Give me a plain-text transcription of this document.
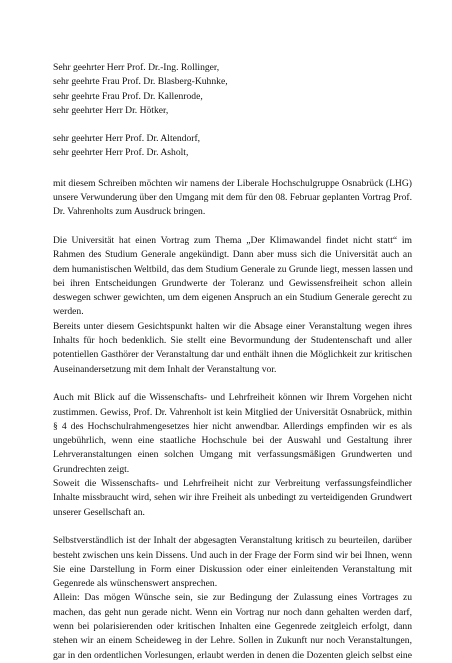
Sehr geehrter Herr Prof. Dr.-Ing. Rollinger,
sehr geehrte Frau Prof. Dr. Blasberg-Kuhnke,
sehr geehrte Frau Prof. Dr. Kallenrode,
sehr geehrter Herr Dr. Hötker,
sehr geehrter Herr Prof. Dr. Altendorf,
sehr geehrter Herr Prof. Dr. Asholt,

mit diesem Schreiben möchten wir namens der Liberale Hochschulgruppe Osnabrück (LHG)
unsere Verwunderung über den Umgang mit dem für den 08. Februar geplanten Vortrag Prof.
Dr. Vahrenholts zum Ausdruck bringen.

Die Universität hat einen Vortrag zum Thema „Der Klimawandel findet nicht statt“ im
Rahmen des Studium Generale angekündigt. Dann aber muss sich die Universität auch an
dem humanistischen Weltbild, das dem Studium Generale zu Grunde liegt, messen lassen und
bei ihren Entscheidungen Grundwerte der Toleranz und Gewissensfreiheit schon allein
deswegen schwer gewichten, um dem eigenen Anspruch an ein Studium Generale gerecht zu
werden.

Bereits unter diesem Gesichtspunkt halten wir die Absage einer Veranstaltung wegen ihres
Inhalts für hoch bedenklich. Sie stellt eine Bevormundung der Studentenschaft und aller
potentiellen Gasthörer der Veranstaltung dar und enthält ihnen die Möglichkeit zur kritischen
Auseinandersetzung mit dem Inhalt der Veranstaltung vor.

Auch mit Blick auf die Wissenschafts- und Lehrfreiheit können wir Ihrem Vorgehen nicht
zustimmen. Gewiss, Prof. Dr. Vahrenholt ist kein Mitglied der Universität Osnabrück, mithin
§ 4 des Hochschulrahmengesetzes hier nicht anwendbar. Allerdings empfinden wir es als
ungebührlich, wenn eine staatliche Hochschule bei der Auswahl und Gestaltung ihrer
Lehrveranstaltungen einen solchen Umgang mit verfassungsmäßigen Grundwerten und
Grundrechten zeigt.

Soweit die Wissenschafts- und Lehrfreiheit nicht zur Verbreitung verfassungsfeindlicher
Inhalte missbraucht wird, sehen wir ihre Freiheit als unbedingt zu verteidigenden Grundwert
unserer Gesellschaft an.

Selbstverständlich ist der Inhalt der abgesagten Veranstaltung kritisch zu beurteilen, darüber
besteht zwischen uns kein Dissens. Und auch in der Frage der Form sind wir bei Ihnen, wenn
Sie eine Darstellung in Form einer Diskussion oder einer einleitenden Veranstaltung mit
Gegenrede als wünschenswert ansprechen.

Allein: Das mögen Wünsche sein, sie zur Bedingung der Zulassung eines Vortrages zu
machen, das geht nun gerade nicht. Wenn ein Vortrag nur noch dann gehalten werden darf,
wenn bei polarisierenden oder kritischen Inhalten eine Gegenrede zeitgleich erfolgt, dann
stehen wir an einem Scheideweg in der Lehre. Sollen in Zukunft nur noch Veranstaltungen,
gar in den ordentlichen Vorlesungen, erlaubt werden in denen die Dozenten gleich selbst eine
